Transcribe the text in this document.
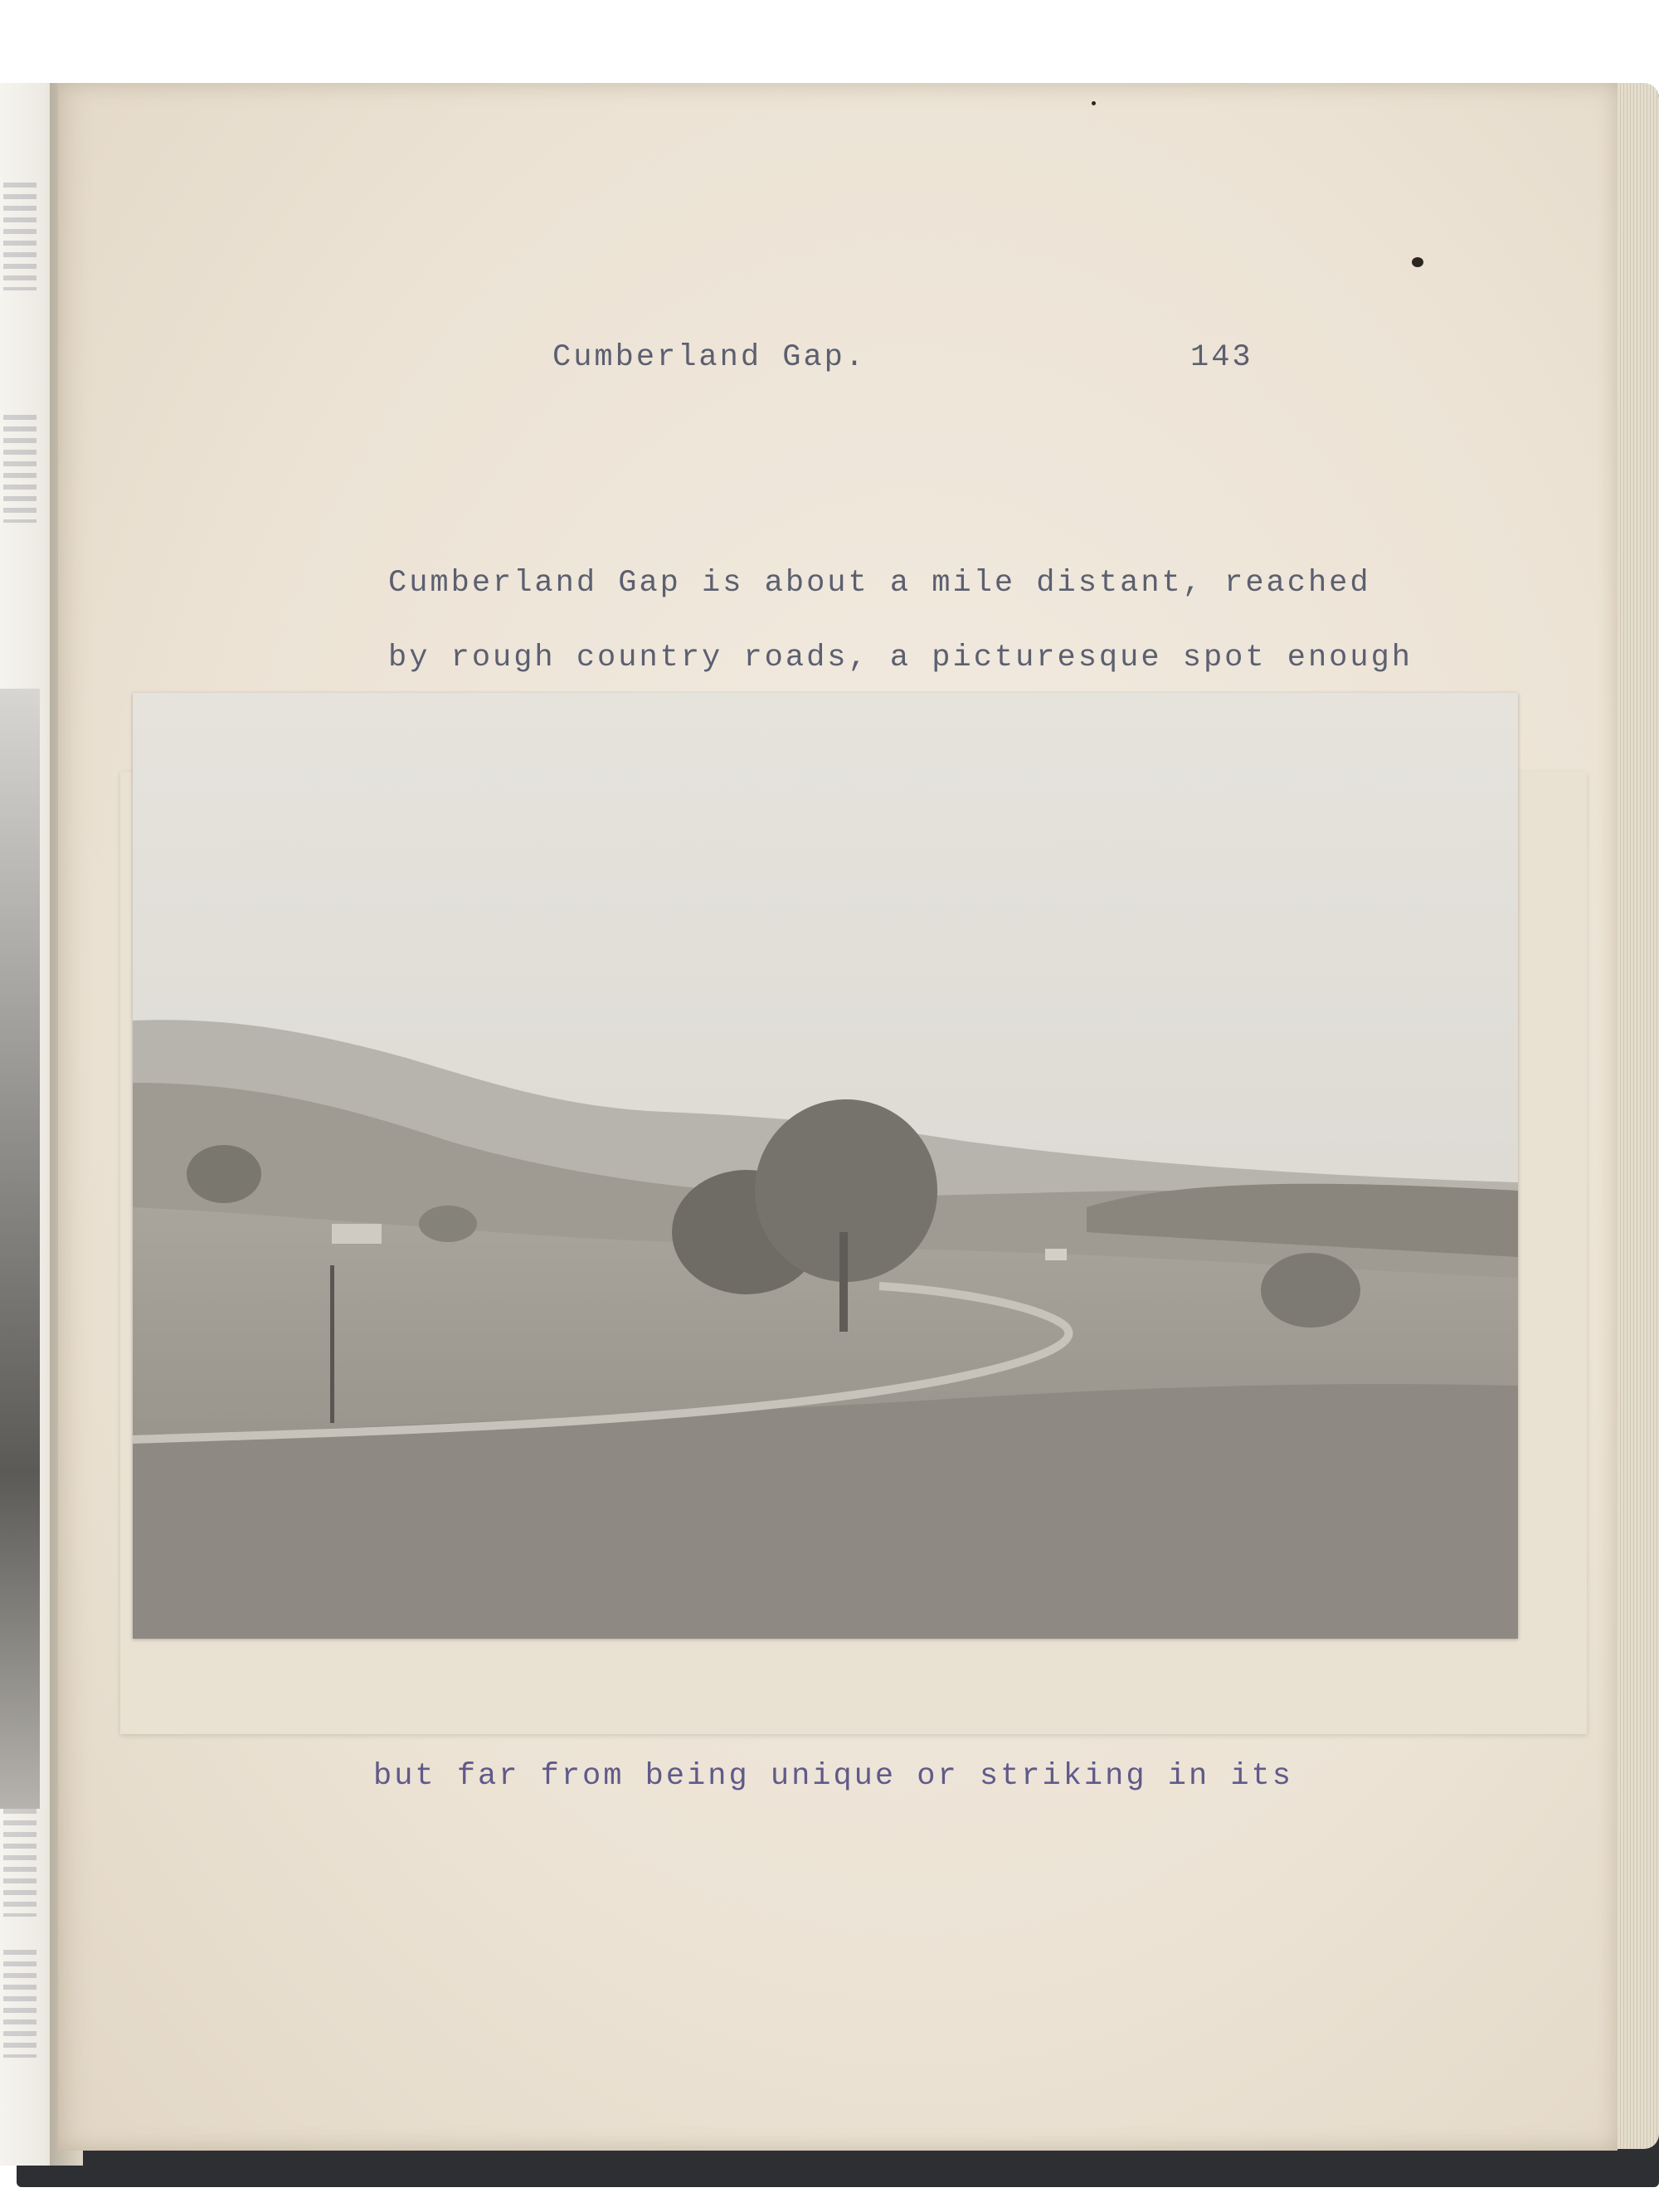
Cumberland Gap.	143
Cumberland Gap is about a mile distant, reached
by rough country roads, a picturesque spot enough
but far from being unique or striking in its
